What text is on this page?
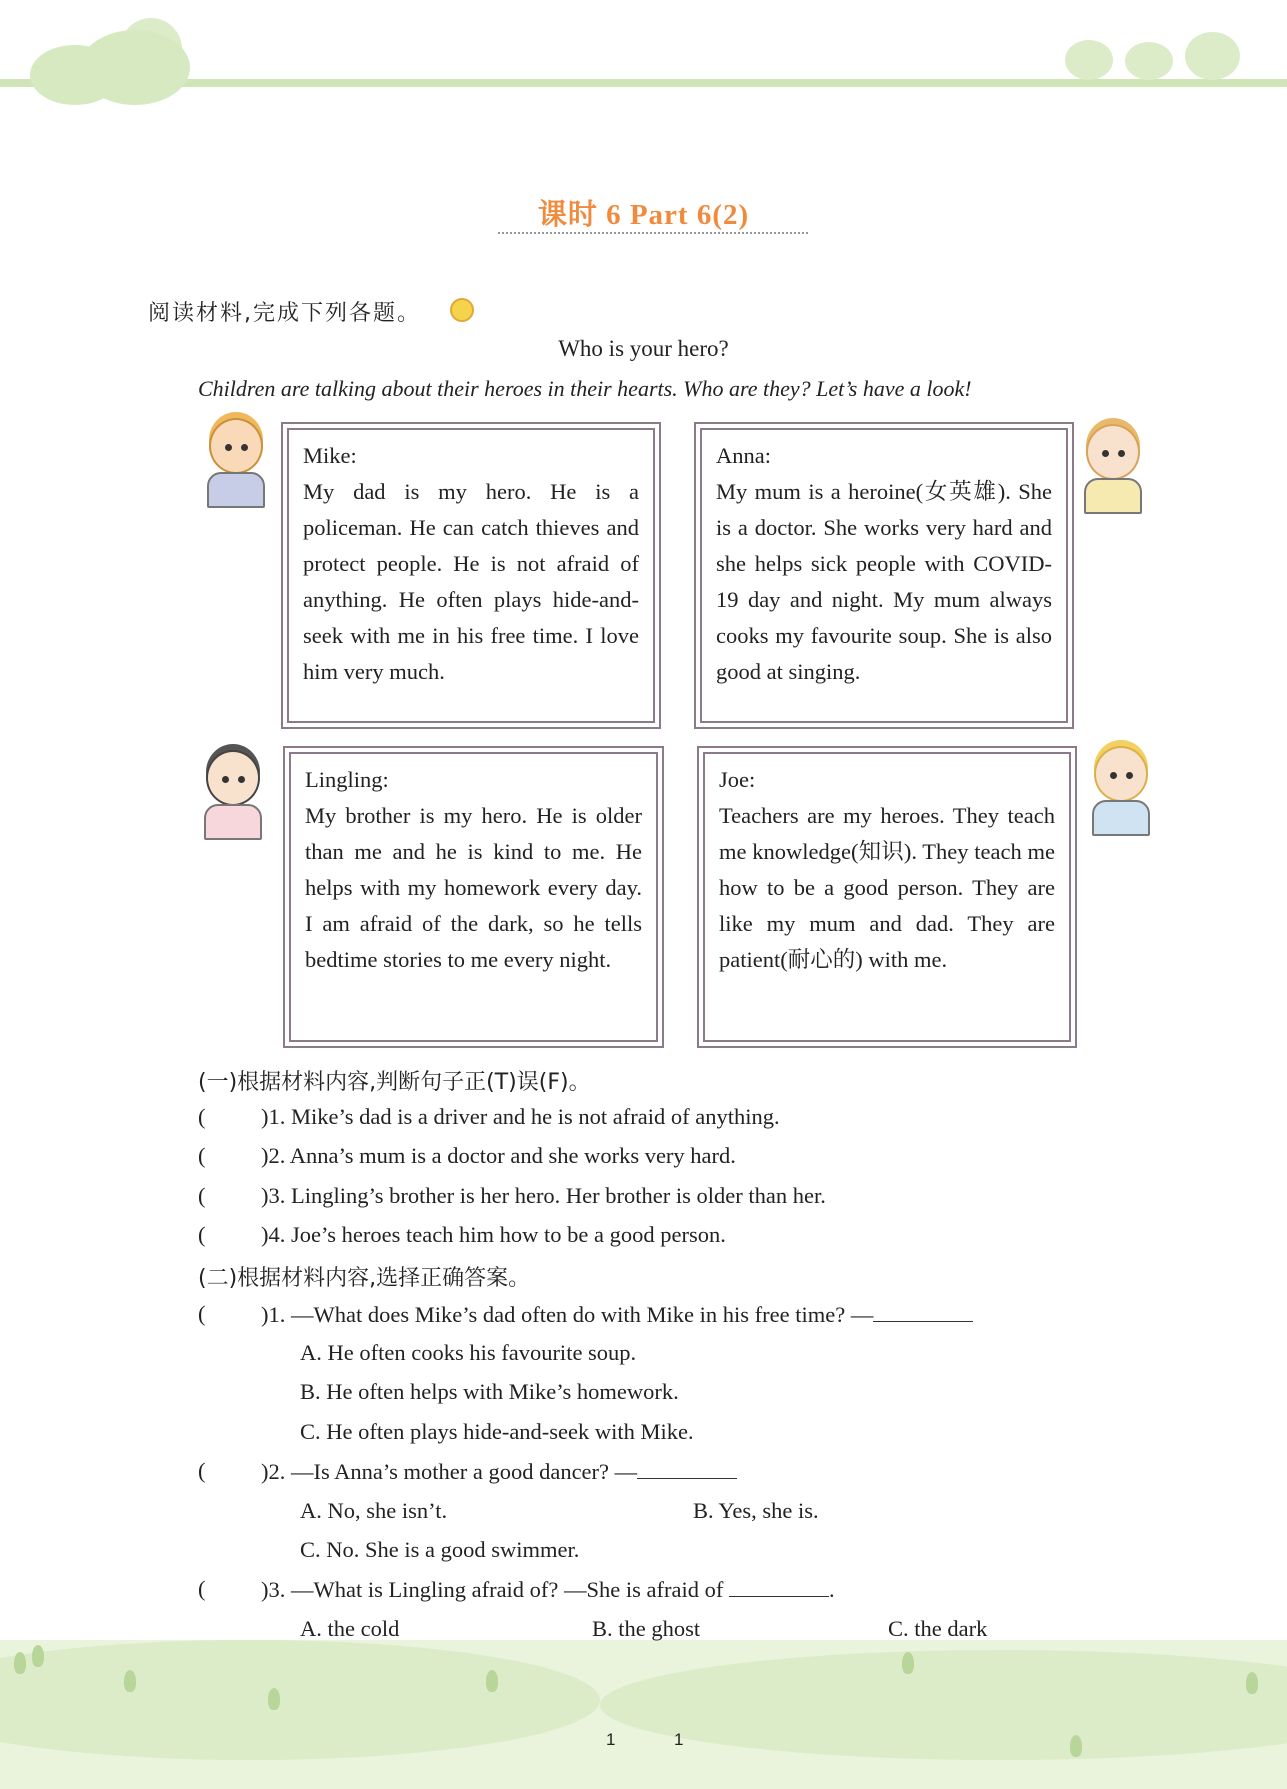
课时 6 Part 6(2)
阅读材料,完成下列各题。
Who is your hero?
Children are talking about their heroes in their hearts. Who are they? Let’s have a look!
Mike:
My dad is my hero. He is a policeman. He can catch thieves and protect people. He is not afraid of anything. He often plays hide-and-seek with me in his free time. I love him very much.
Anna:
My mum is a heroine(女英雄). She is a doctor. She works very hard and she helps sick people with COVID-19 day and night. My mum always cooks my favourite soup. She is also good at singing.
Lingling:
My brother is my hero. He is older than me and he is kind to me. He helps with my homework every day. I am afraid of the dark, so he tells bedtime stories to me every night.
Joe:
Teachers are my heroes. They teach me knowledge(知识). They teach me how to be a good person. They are like my mum and dad. They are patient(耐心的) with me.
(一)根据材料内容,判断句子正(T)误(F)。
( )1. Mike’s dad is a driver and he is not afraid of anything.
( )2. Anna’s mum is a doctor and she works very hard.
( )3. Lingling’s brother is her hero. Her brother is older than her.
( )4. Joe’s heroes teach him how to be a good person.
(二)根据材料内容,选择正确答案。
( )1. —What does Mike’s dad often do with Mike in his free time? —
A. He often cooks his favourite soup.
B. He often helps with Mike’s homework.
C. He often plays hide-and-seek with Mike.
( )2. —Is Anna’s mother a good dancer? —
A. No, she isn’t.	B. Yes, she is.
C. No. She is a good swimmer.
( )3. —What is Lingling afraid of? —She is afraid of	.
A. the cold	B. the ghost	C. the dark
1	1
